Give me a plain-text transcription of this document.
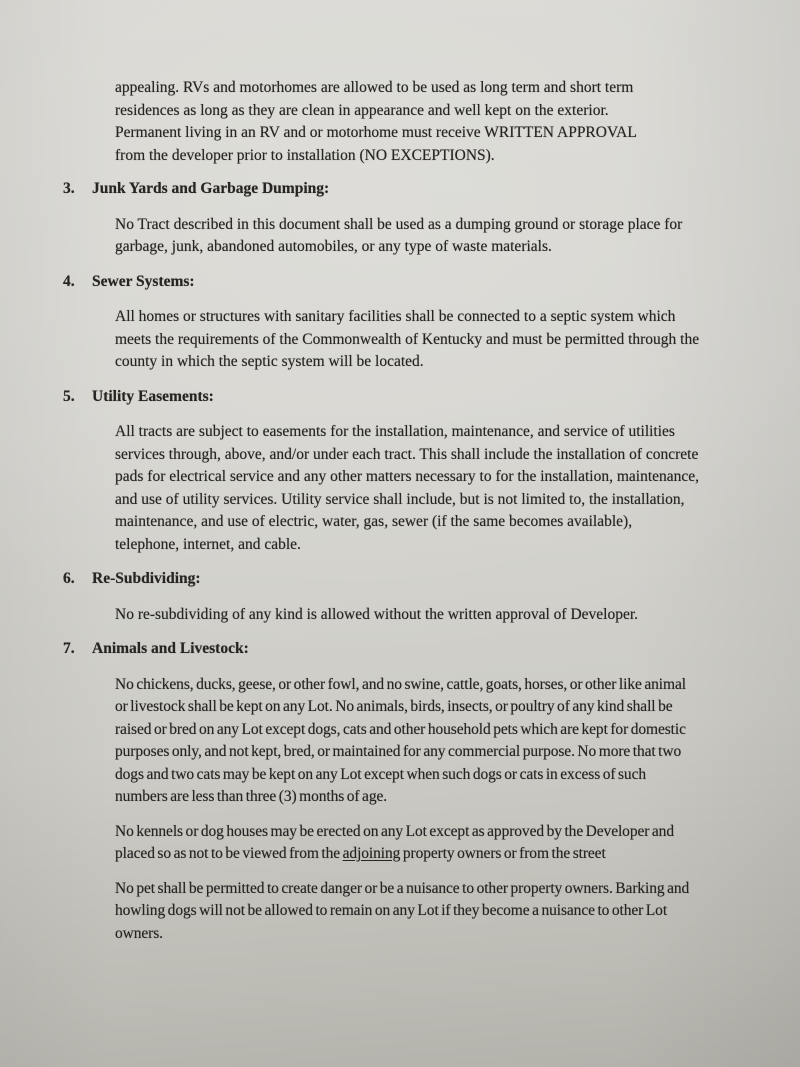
appealing. RVs and motorhomes are allowed to be used as long term and short term residences as long as they are clean in appearance and well kept on the exterior. Permanent living in an RV and or motorhome must receive WRITTEN APPROVAL from the developer prior to installation (NO EXCEPTIONS).

3.	Junk Yards and Garbage Dumping:

No Tract described in this document shall be used as a dumping ground or storage place for garbage, junk, abandoned automobiles, or any type of waste materials.

4.	Sewer Systems:

All homes or structures with sanitary facilities shall be connected to a septic system which meets the requirements of the Commonwealth of Kentucky and must be permitted through the county in which the septic system will be located.

5.	Utility Easements:

All tracts are subject to easements for the installation, maintenance, and service of utilities services through, above, and/or under each tract. This shall include the installation of concrete pads for electrical service and any other matters necessary to for the installation, maintenance, and use of utility services. Utility service shall include, but is not limited to, the installation, maintenance, and use of electric, water, gas, sewer (if the same becomes available), telephone, internet, and cable.

6.	Re-Subdividing:

No re-subdividing of any kind is allowed without the written approval of Developer.

7.	Animals and Livestock:

No chickens, ducks, geese, or other fowl, and no swine, cattle, goats, horses, or other like animal or livestock shall be kept on any Lot. No animals, birds, insects, or poultry of any kind shall be raised or bred on any Lot except dogs, cats and other household pets which are kept for domestic purposes only, and not kept, bred, or maintained for any commercial purpose. No more that two dogs and two cats may be kept on any Lot except when such dogs or cats in excess of such numbers are less than three (3) months of age.

No kennels or dog houses may be erected on any Lot except as approved by the Developer and placed so as not to be viewed from the adjoining property owners or from the street

No pet shall be permitted to create danger or be a nuisance to other property owners. Barking and howling dogs will not be allowed to remain on any Lot if they become a nuisance to other Lot owners.
